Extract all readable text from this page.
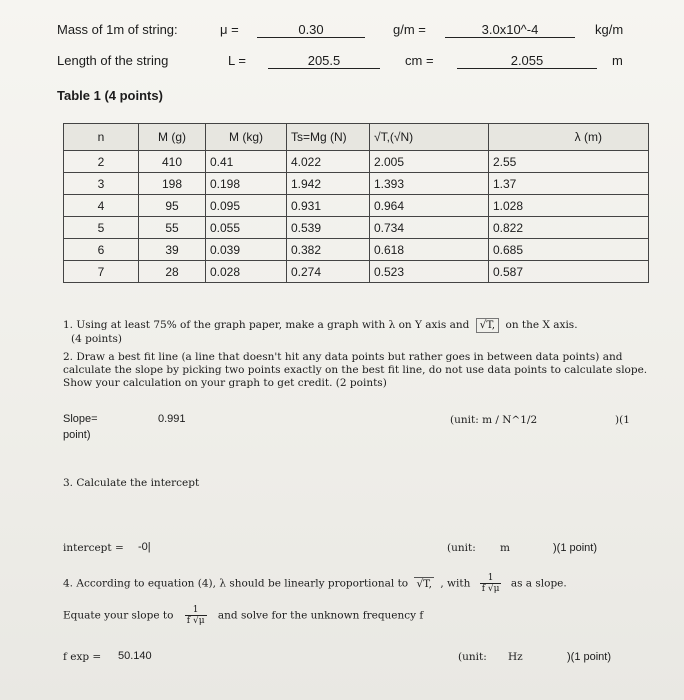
Mass of 1m of string:	μ =	0.30	g/m =	3.0x10^-4	kg/m
Length of the string	L =	205.5	cm =	2.055	m
Table 1 (4 points)
n	M (g)	M (kg)	Ts=Mg (N)	√T,(√N)	λ (m)
2	410	0.41	4.022	2.005	2.55
3	198	0.198	1.942	1.393	1.37
4	95	0.095	0.931	0.964	1.028
5	55	0.055	0.539	0.734	0.822
6	39	0.039	0.382	0.618	0.685
7	28	0.028	0.274	0.523	0.587
1. Using at least 75% of the graph paper, make a graph with λ on Y axis and √T, on the X axis.
(4 points)
2. Draw a best fit line (a line that doesn't hit any data points but rather goes in between data points) and calculate the slope by picking two points exactly on the best fit line, do not use data points to calculate slope. Show your calculation on your graph to get credit. (2 points)
Slope=	0.991
point)
(unit: m / N^1/2	)(1
3. Calculate the intercept
intercept = -0|	(unit: m	)(1 point)
4. According to equation (4), λ should be linearly proportional to √T, , with $\frac{1}{f √\mu}$ as a slope.
Equate your slope to $\frac{1}{f √\mu}$ and solve for the unknown frequency f
f exp = 50.140	(unit: Hz	)(1 point)
